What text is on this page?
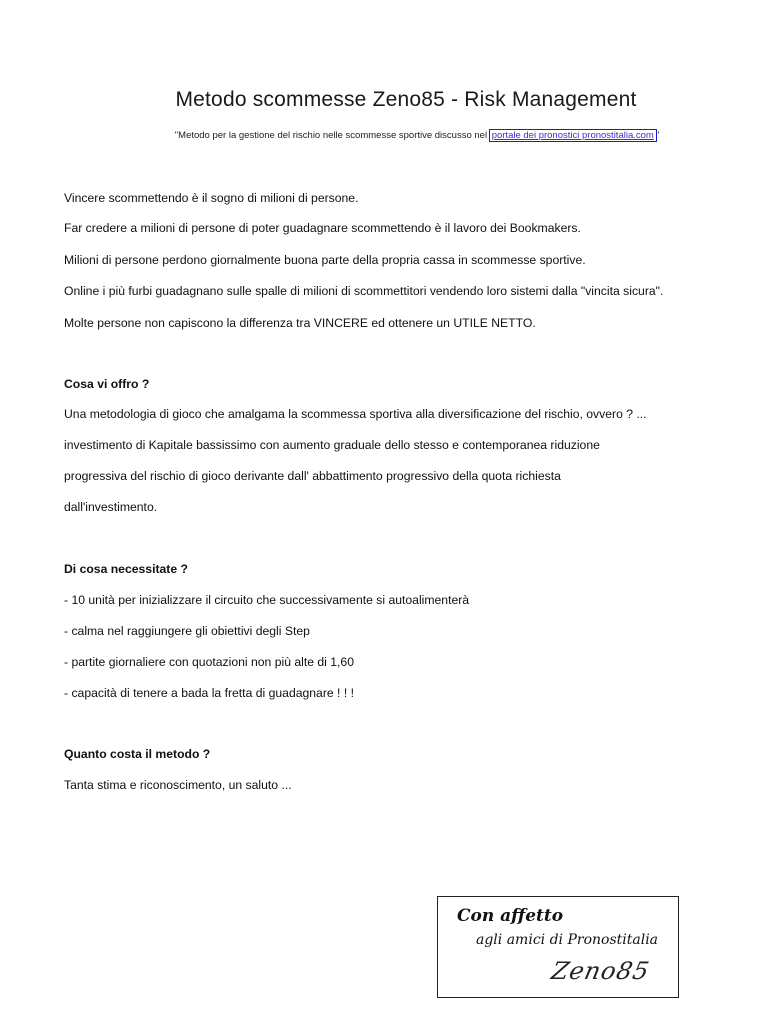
Metodo scommesse Zeno85 - Risk Management
"Metodo per la gestione del rischio nelle scommesse sportive discusso nel portale dei pronostici pronostitalia.com "
Vincere scommettendo è il sogno di milioni di persone.
Far credere a milioni di persone di poter guadagnare scommettendo è il lavoro dei Bookmakers.
Milioni di persone perdono giornalmente buona parte della propria cassa in scommesse sportive.
Online i più furbi guadagnano sulle spalle di milioni di scommettitori vendendo loro sistemi dalla "vincita sicura".
Molte persone non capiscono la differenza tra VINCERE ed ottenere un UTILE NETTO.
Cosa vi offro ?
Una metodologia di gioco che amalgama la scommessa sportiva alla diversificazione del rischio, ovvero ? ...
investimento di Kapitale bassissimo con aumento graduale dello stesso e contemporanea riduzione
progressiva del rischio di gioco derivante dall' abbattimento progressivo della quota richiesta
dall'investimento.
Di cosa necessitate ?
- 10 unità per inizializzare il circuito che successivamente si autoalimenterà
- calma nel raggiungere gli obiettivi degli Step
- partite giornaliere con quotazioni non più alte di 1,60
- capacità di tenere a bada la fretta di guadagnare ! ! !
Quanto costa il metodo ?
Tanta stima e riconoscimento, un saluto ...
Con affetto
agli amici di Pronostitalia
Zeno85
